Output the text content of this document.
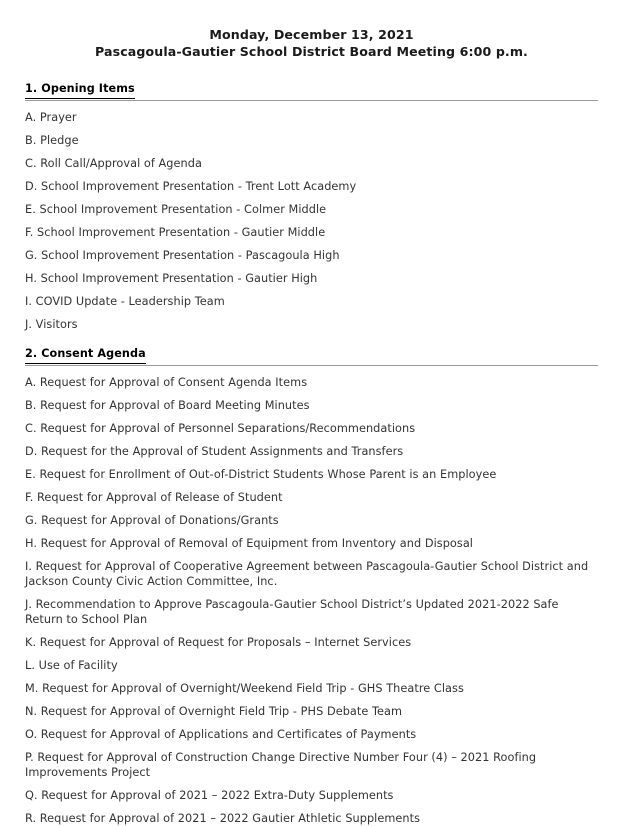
Monday, December 13, 2021
Pascagoula-Gautier School District Board Meeting 6:00 p.m.
1. Opening Items
A. Prayer
B. Pledge
C. Roll Call/Approval of Agenda
D. School Improvement Presentation - Trent Lott Academy
E. School Improvement Presentation - Colmer Middle
F. School Improvement Presentation - Gautier Middle
G. School Improvement Presentation - Pascagoula High
H. School Improvement Presentation - Gautier High
I. COVID Update - Leadership Team
J. Visitors
2. Consent Agenda
A. Request for Approval of Consent Agenda Items
B. Request for Approval of Board Meeting Minutes
C. Request for Approval of Personnel Separations/Recommendations
D. Request for the Approval of Student Assignments and Transfers
E. Request for Enrollment of Out-of-District Students Whose Parent is an Employee
F. Request for Approval of Release of Student
G. Request for Approval of Donations/Grants
H. Request for Approval of Removal of Equipment from Inventory and Disposal
I. Request for Approval of Cooperative Agreement between Pascagoula-Gautier School District and Jackson County Civic Action Committee, Inc.
J. Recommendation to Approve Pascagoula-Gautier School District’s Updated 2021-2022 Safe Return to School Plan
K. Request for Approval of Request for Proposals – Internet Services
L. Use of Facility
M. Request for Approval of Overnight/Weekend Field Trip - GHS Theatre Class
N. Request for Approval of Overnight Field Trip - PHS Debate Team
O. Request for Approval of Applications and Certificates of Payments
P. Request for Approval of Construction Change Directive Number Four (4) – 2021 Roofing Improvements Project
Q. Request for Approval of 2021 – 2022 Extra-Duty Supplements
R. Request for Approval of 2021 – 2022 Gautier Athletic Supplements
